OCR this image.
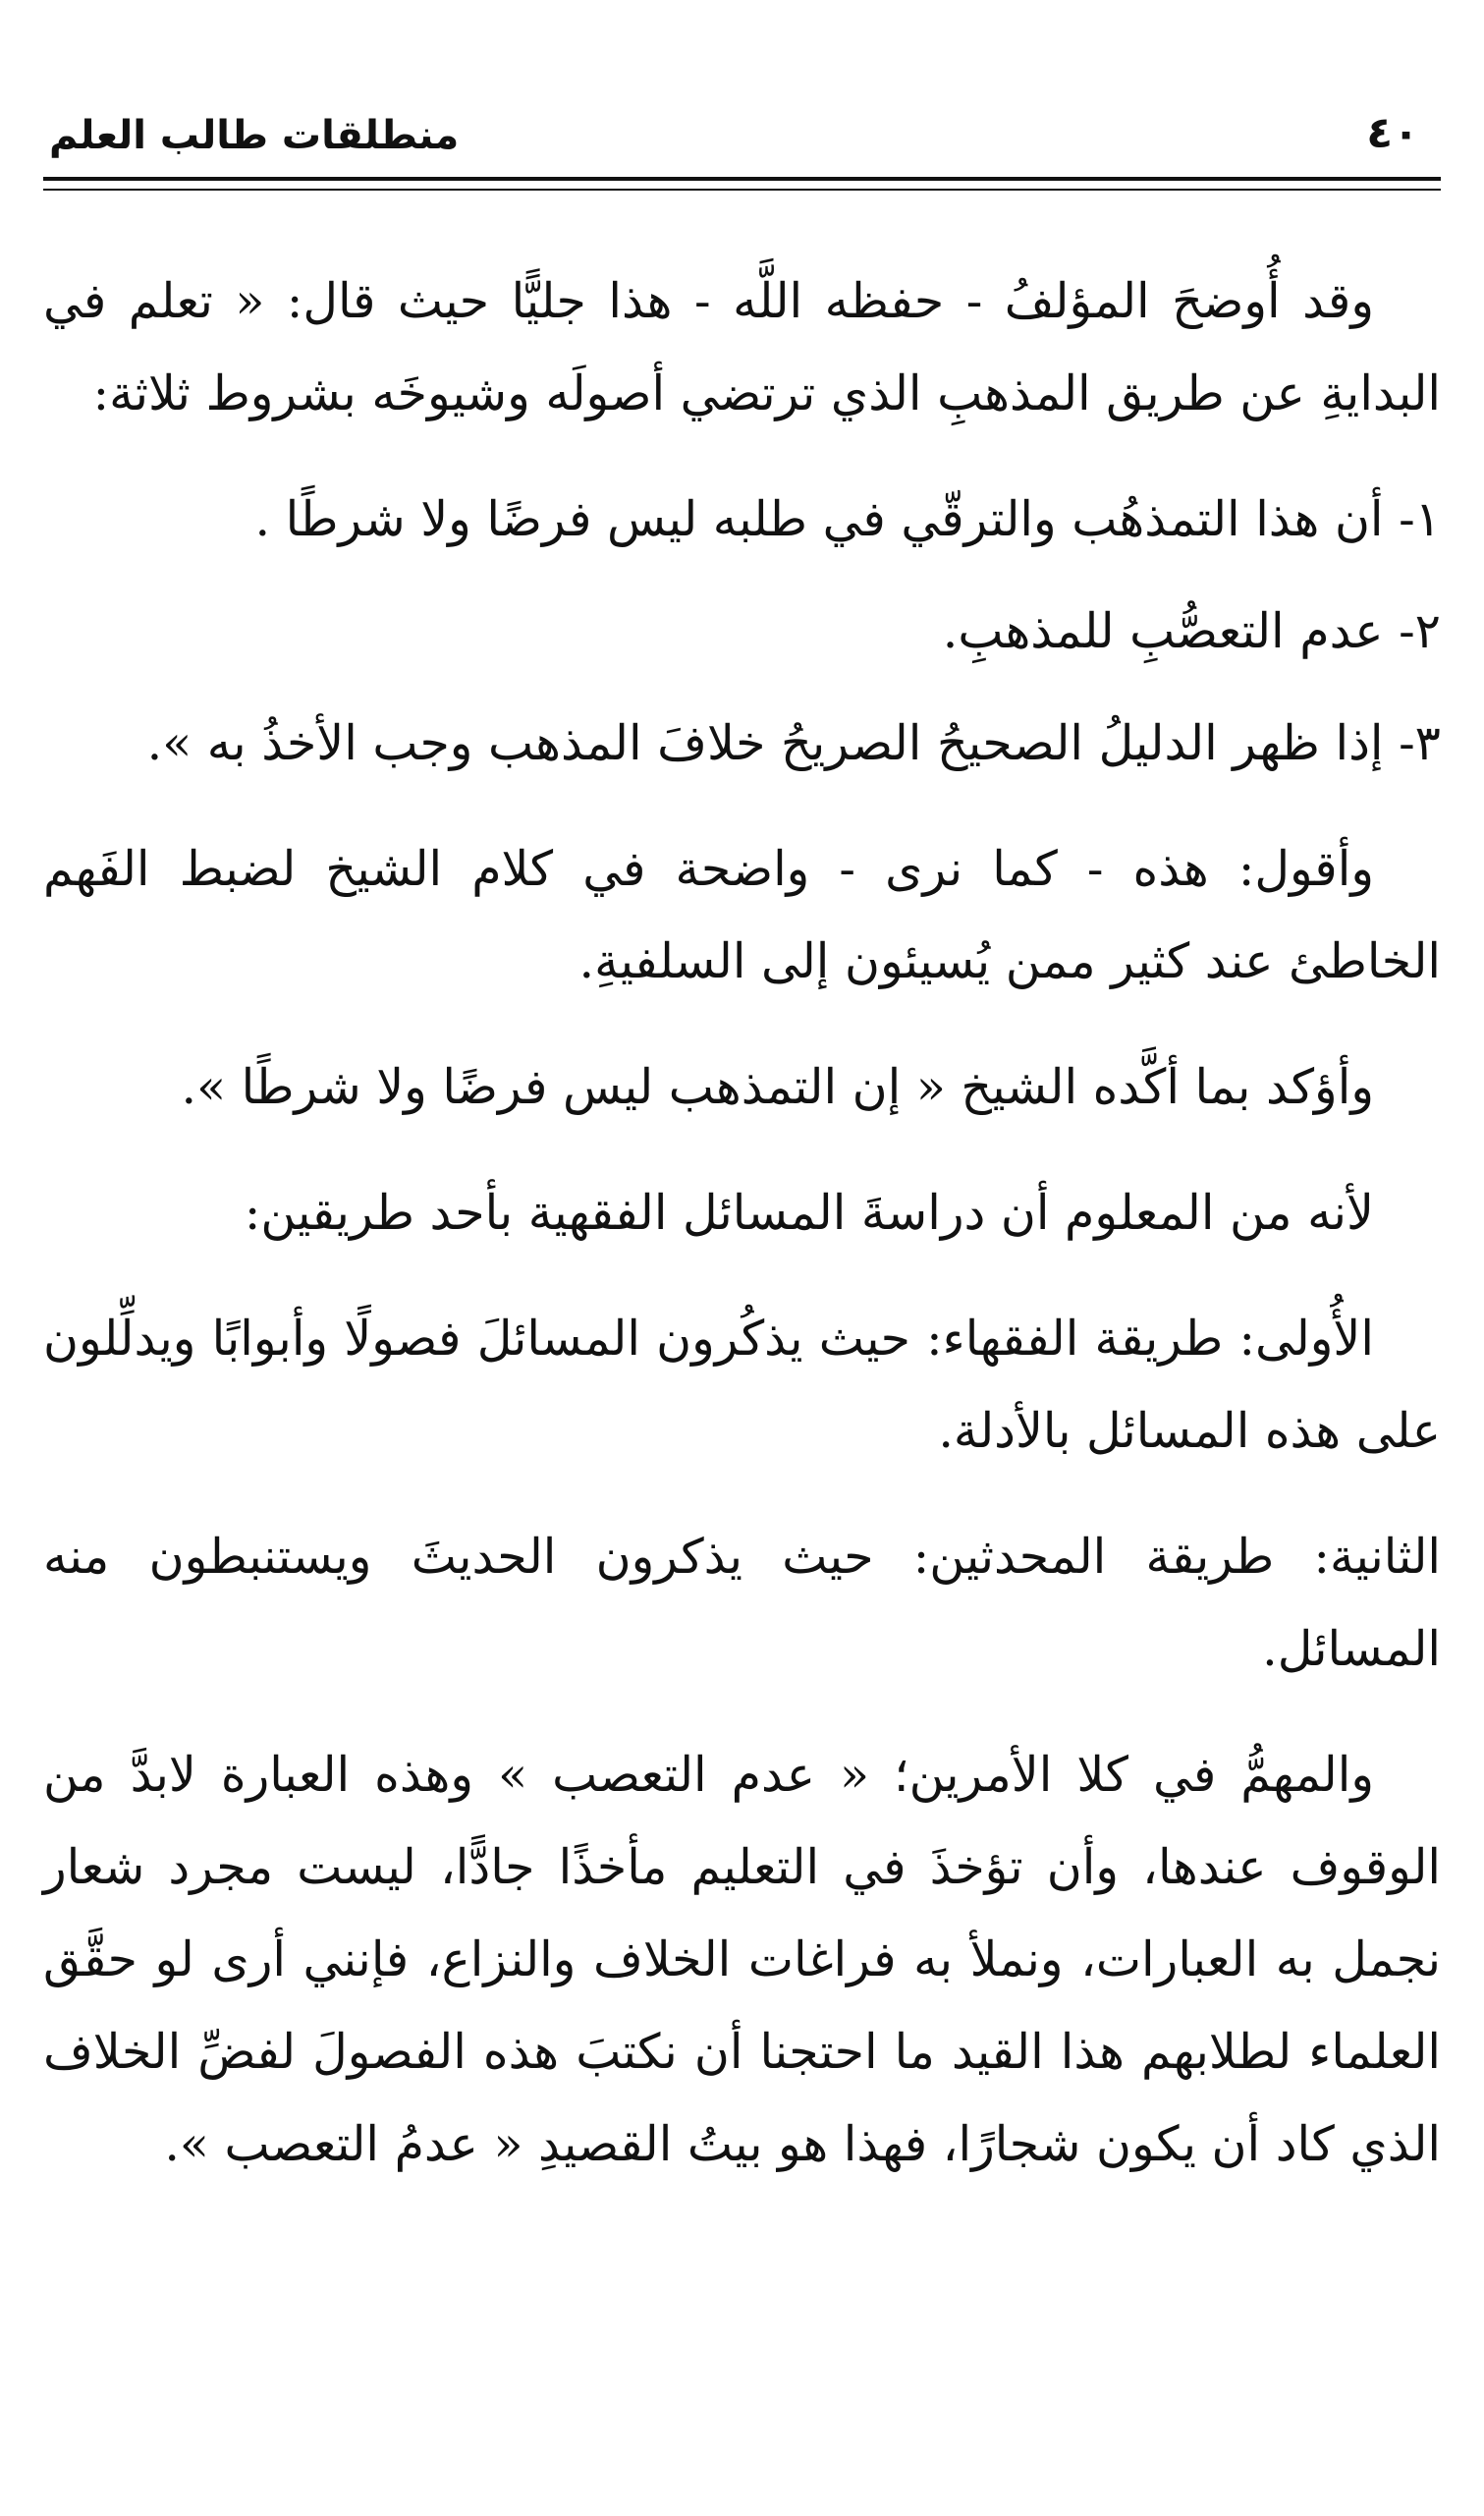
٤٠
منطلقات طالب العلم

وقد أُوضحَ المؤلفُ - حفظه اللَّه - هذا جليًّا حيث قال: « تعلم في البدايةِ عن طريق المذهبِ الذي ترتضي أصولَه وشيوخَه بشروط ثلاثة:

١- أن هذا التمذهُب والترقّي في طلبه ليس فرضًا ولا شرطًا .

٢- عدم التعصُّبِ للمذهبِ.

٣- إذا ظهر الدليلُ الصحيحُ الصريحُ خلافَ المذهب وجب الأخذُ به ».

وأقول: هذه - كما نرى - واضحة في كلام الشيخ لضبط الفَهم الخاطئ عند كثير ممن يُسيئون إلى السلفيةِ.

وأؤكد بما أكَّده الشيخ « إن التمذهب ليس فرضًا ولا شرطًا ».

لأنه من المعلوم أن دراسةَ المسائل الفقهية بأحد طريقين:

الأُولى: طريقة الفقهاء: حيث يذكُرون المسائلَ فصولًا وأبوابًا ويدلِّلون على هذه المسائل بالأدلة.

الثانية: طريقة المحدثين: حيث يذكرون الحديثَ ويستنبطون منه المسائل.

والمهمُّ في كلا الأمرين؛ « عدم التعصب » وهذه العبارة لابدَّ من الوقوف عندها، وأن تؤخذَ في التعليم مأخذًا جادًّا، ليست مجرد شعار نجمل به العبارات، ونملأ به فراغات الخلاف والنزاع، فإنني أرى لو حقَّق العلماء لطلابهم هذا القيد ما احتجنا أن نكتبَ هذه الفصولَ لفضِّ الخلاف الذي كاد أن يكون شجارًا، فهذا هو بيتُ القصيدِ « عدمُ التعصب ».
